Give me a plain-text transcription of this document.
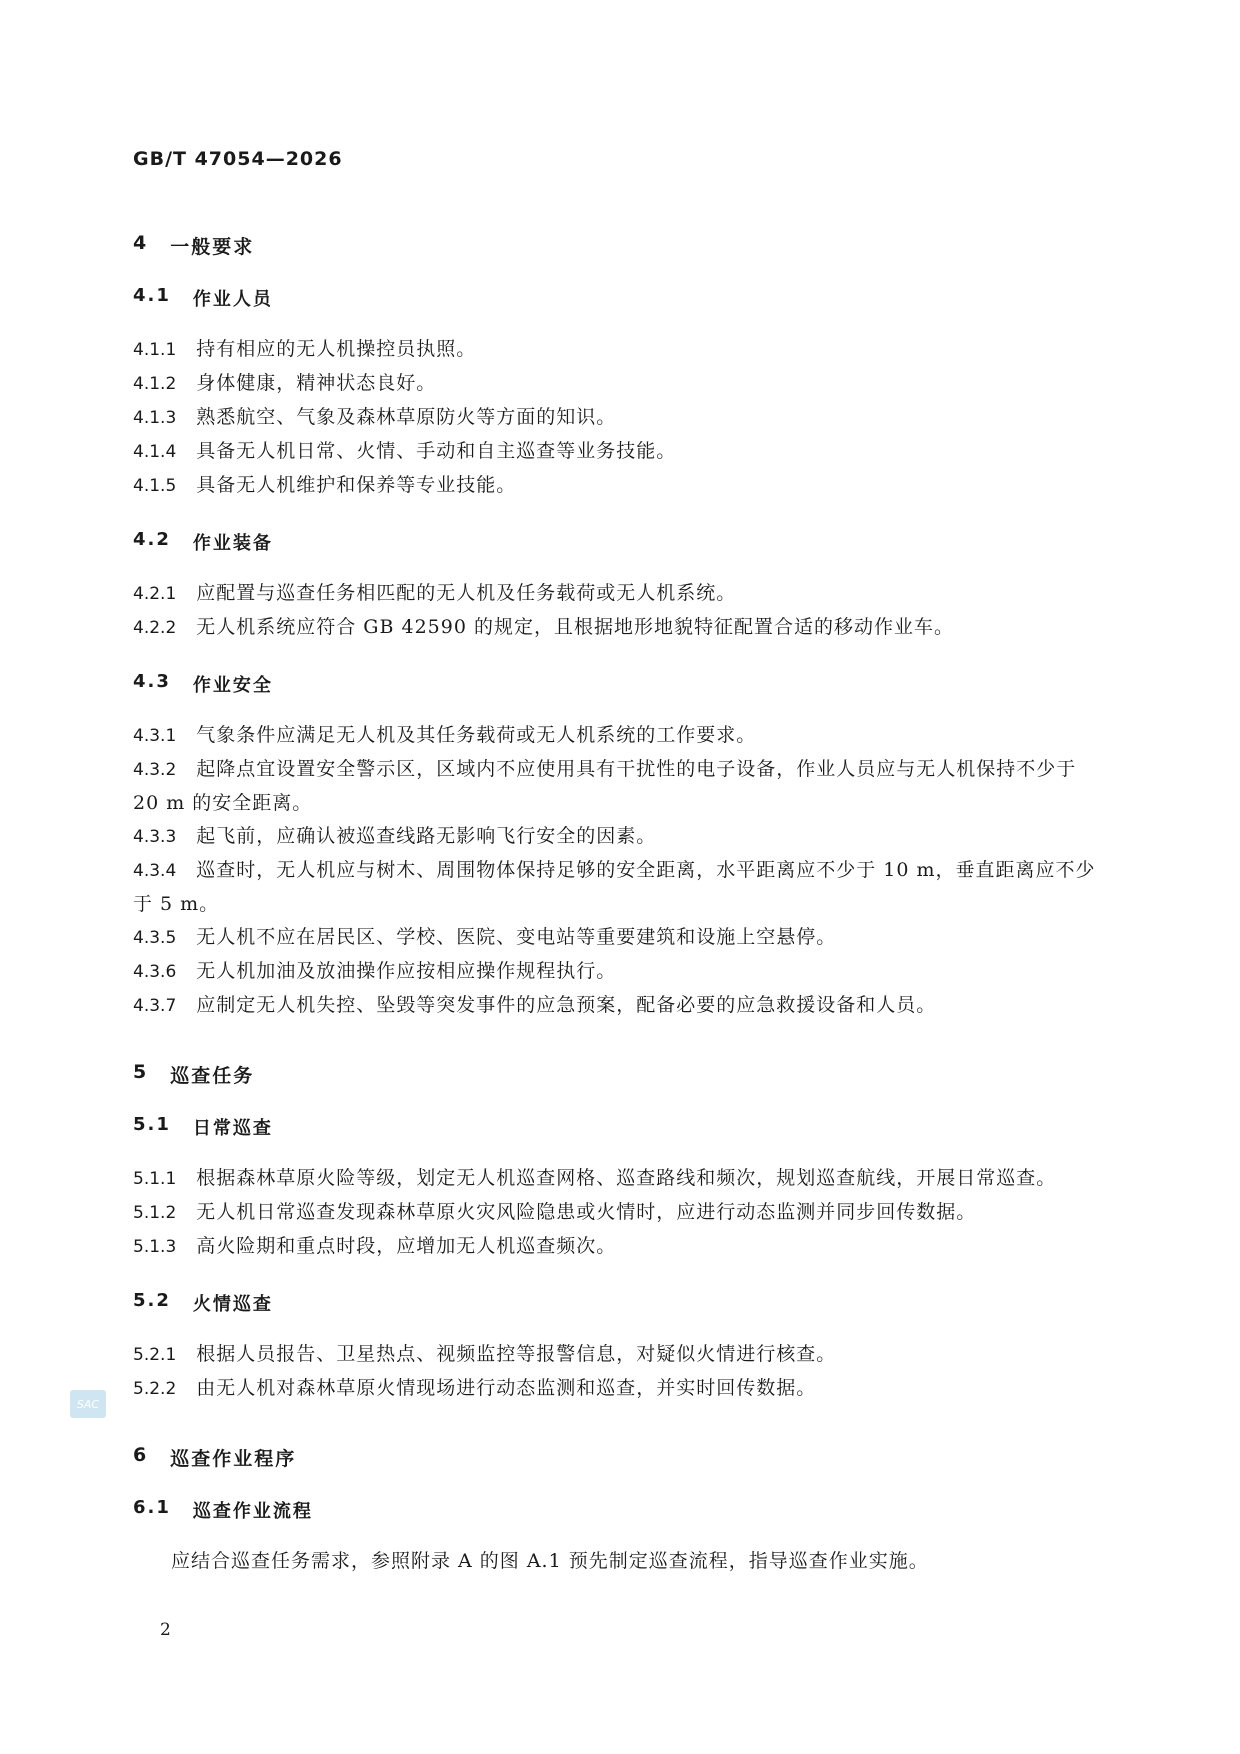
GB/T 47054—2026
4 一般要求
4.1 作业人员
4.1.1 持有相应的无人机操控员执照。
4.1.2 身体健康，精神状态良好。
4.1.3 熟悉航空、气象及森林草原防火等方面的知识。
4.1.4 具备无人机日常、火情、手动和自主巡查等业务技能。
4.1.5 具备无人机维护和保养等专业技能。
4.2 作业装备
4.2.1 应配置与巡查任务相匹配的无人机及任务载荷或无人机系统。
4.2.2 无人机系统应符合 GB 42590 的规定，且根据地形地貌特征配置合适的移动作业车。
4.3 作业安全
4.3.1 气象条件应满足无人机及其任务载荷或无人机系统的工作要求。
4.3.2 起降点宜设置安全警示区，区域内不应使用具有干扰性的电子设备，作业人员应与无人机保持不少于 20 m 的安全距离。
4.3.3 起飞前，应确认被巡查线路无影响飞行安全的因素。
4.3.4 巡查时，无人机应与树木、周围物体保持足够的安全距离，水平距离应不少于 10 m，垂直距离应不少于 5 m。
4.3.5 无人机不应在居民区、学校、医院、变电站等重要建筑和设施上空悬停。
4.3.6 无人机加油及放油操作应按相应操作规程执行。
4.3.7 应制定无人机失控、坠毁等突发事件的应急预案，配备必要的应急救援设备和人员。
5 巡查任务
5.1 日常巡查
5.1.1 根据森林草原火险等级，划定无人机巡查网格、巡查路线和频次，规划巡查航线，开展日常巡查。
5.1.2 无人机日常巡查发现森林草原火灾风险隐患或火情时，应进行动态监测并同步回传数据。
5.1.3 高火险期和重点时段，应增加无人机巡查频次。
5.2 火情巡查
5.2.1 根据人员报告、卫星热点、视频监控等报警信息，对疑似火情进行核查。
5.2.2 由无人机对森林草原火情现场进行动态监测和巡查，并实时回传数据。
6 巡查作业程序
6.1 巡查作业流程
应结合巡查任务需求，参照附录 A 的图 A.1 预先制定巡查流程，指导巡查作业实施。
SAC
2
